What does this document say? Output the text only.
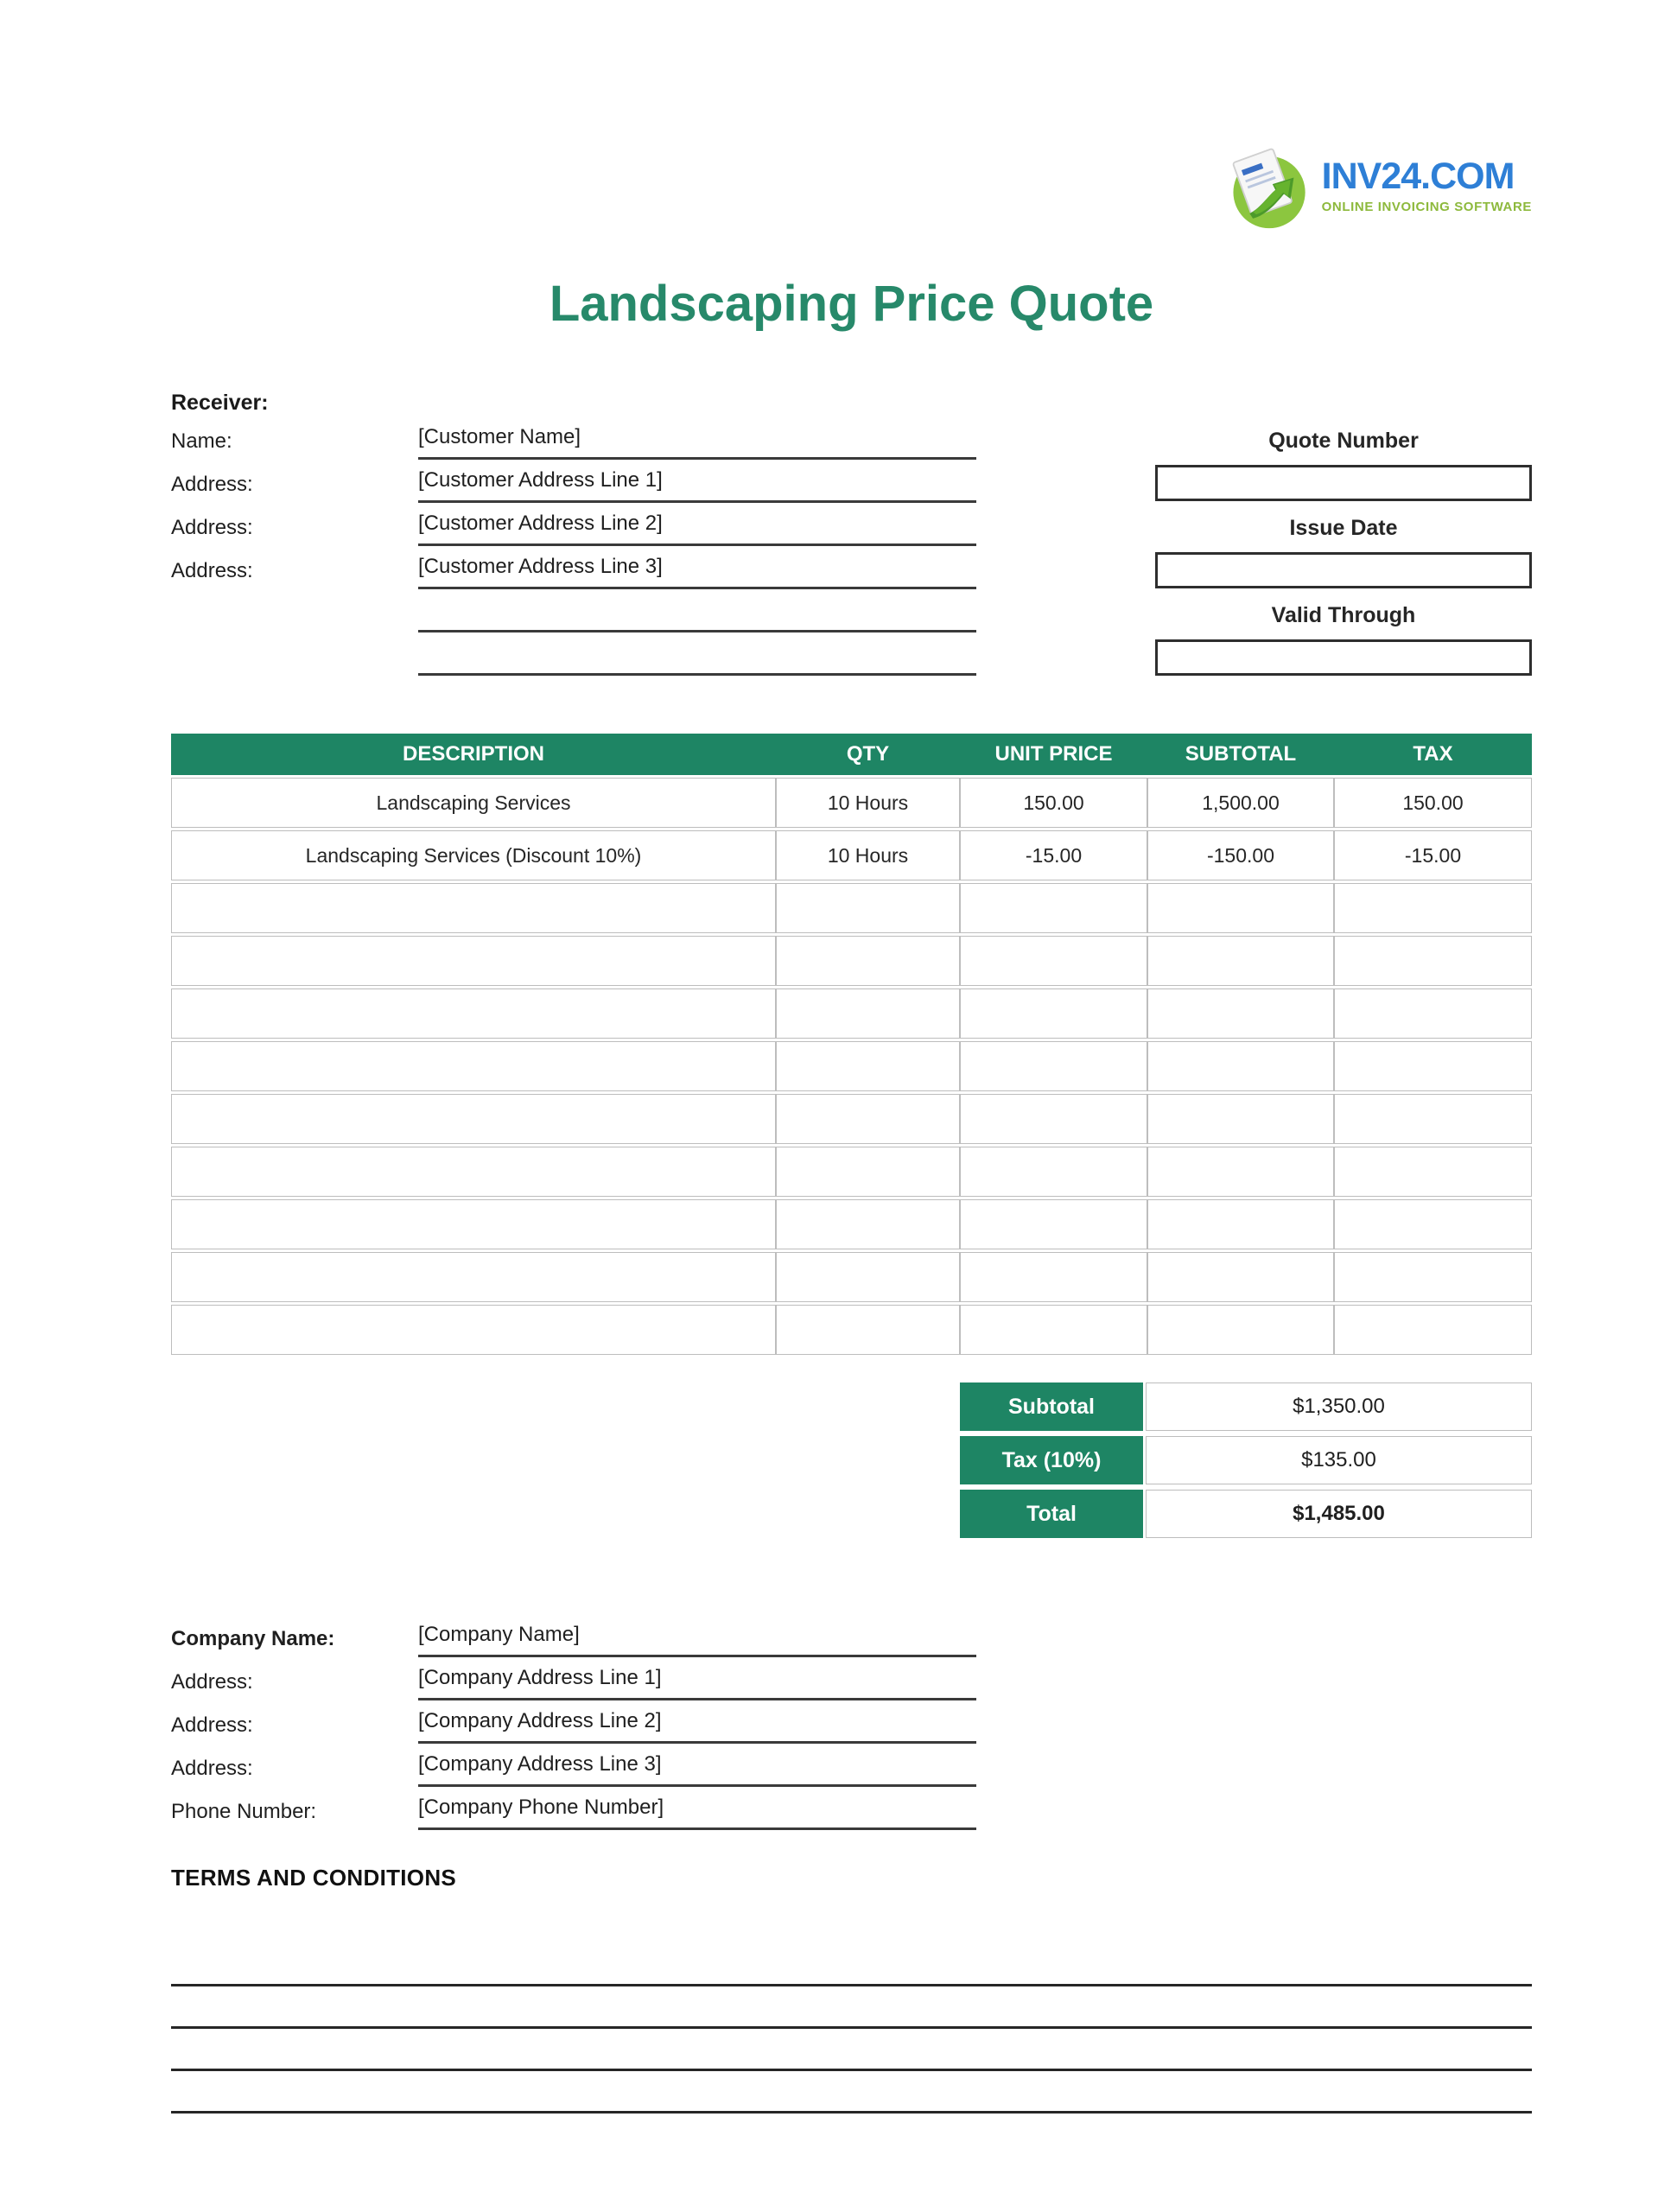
INV24.COM
ONLINE INVOICING SOFTWARE
Landscaping Price Quote
Receiver:
Name:	[Customer Name]
Address:	[Customer Address Line 1]
Address:	[Customer Address Line 2]
Address:	[Customer Address Line 3]
Quote Number
Issue Date
Valid Through
DESCRIPTION	QTY	UNIT PRICE	SUBTOTAL	TAX
Landscaping Services	10 Hours	150.00	1,500.00	150.00
Landscaping Services (Discount 10%)	10 Hours	-15.00	-150.00	-15.00

Subtotal	$1,350.00
Tax (10%)	$135.00
Total	$1,485.00
Company Name:	[Company Name]
Address:	[Company Address Line 1]
Address:	[Company Address Line 2]
Address:	[Company Address Line 3]
Phone Number:	[Company Phone Number]
TERMS AND CONDITIONS
